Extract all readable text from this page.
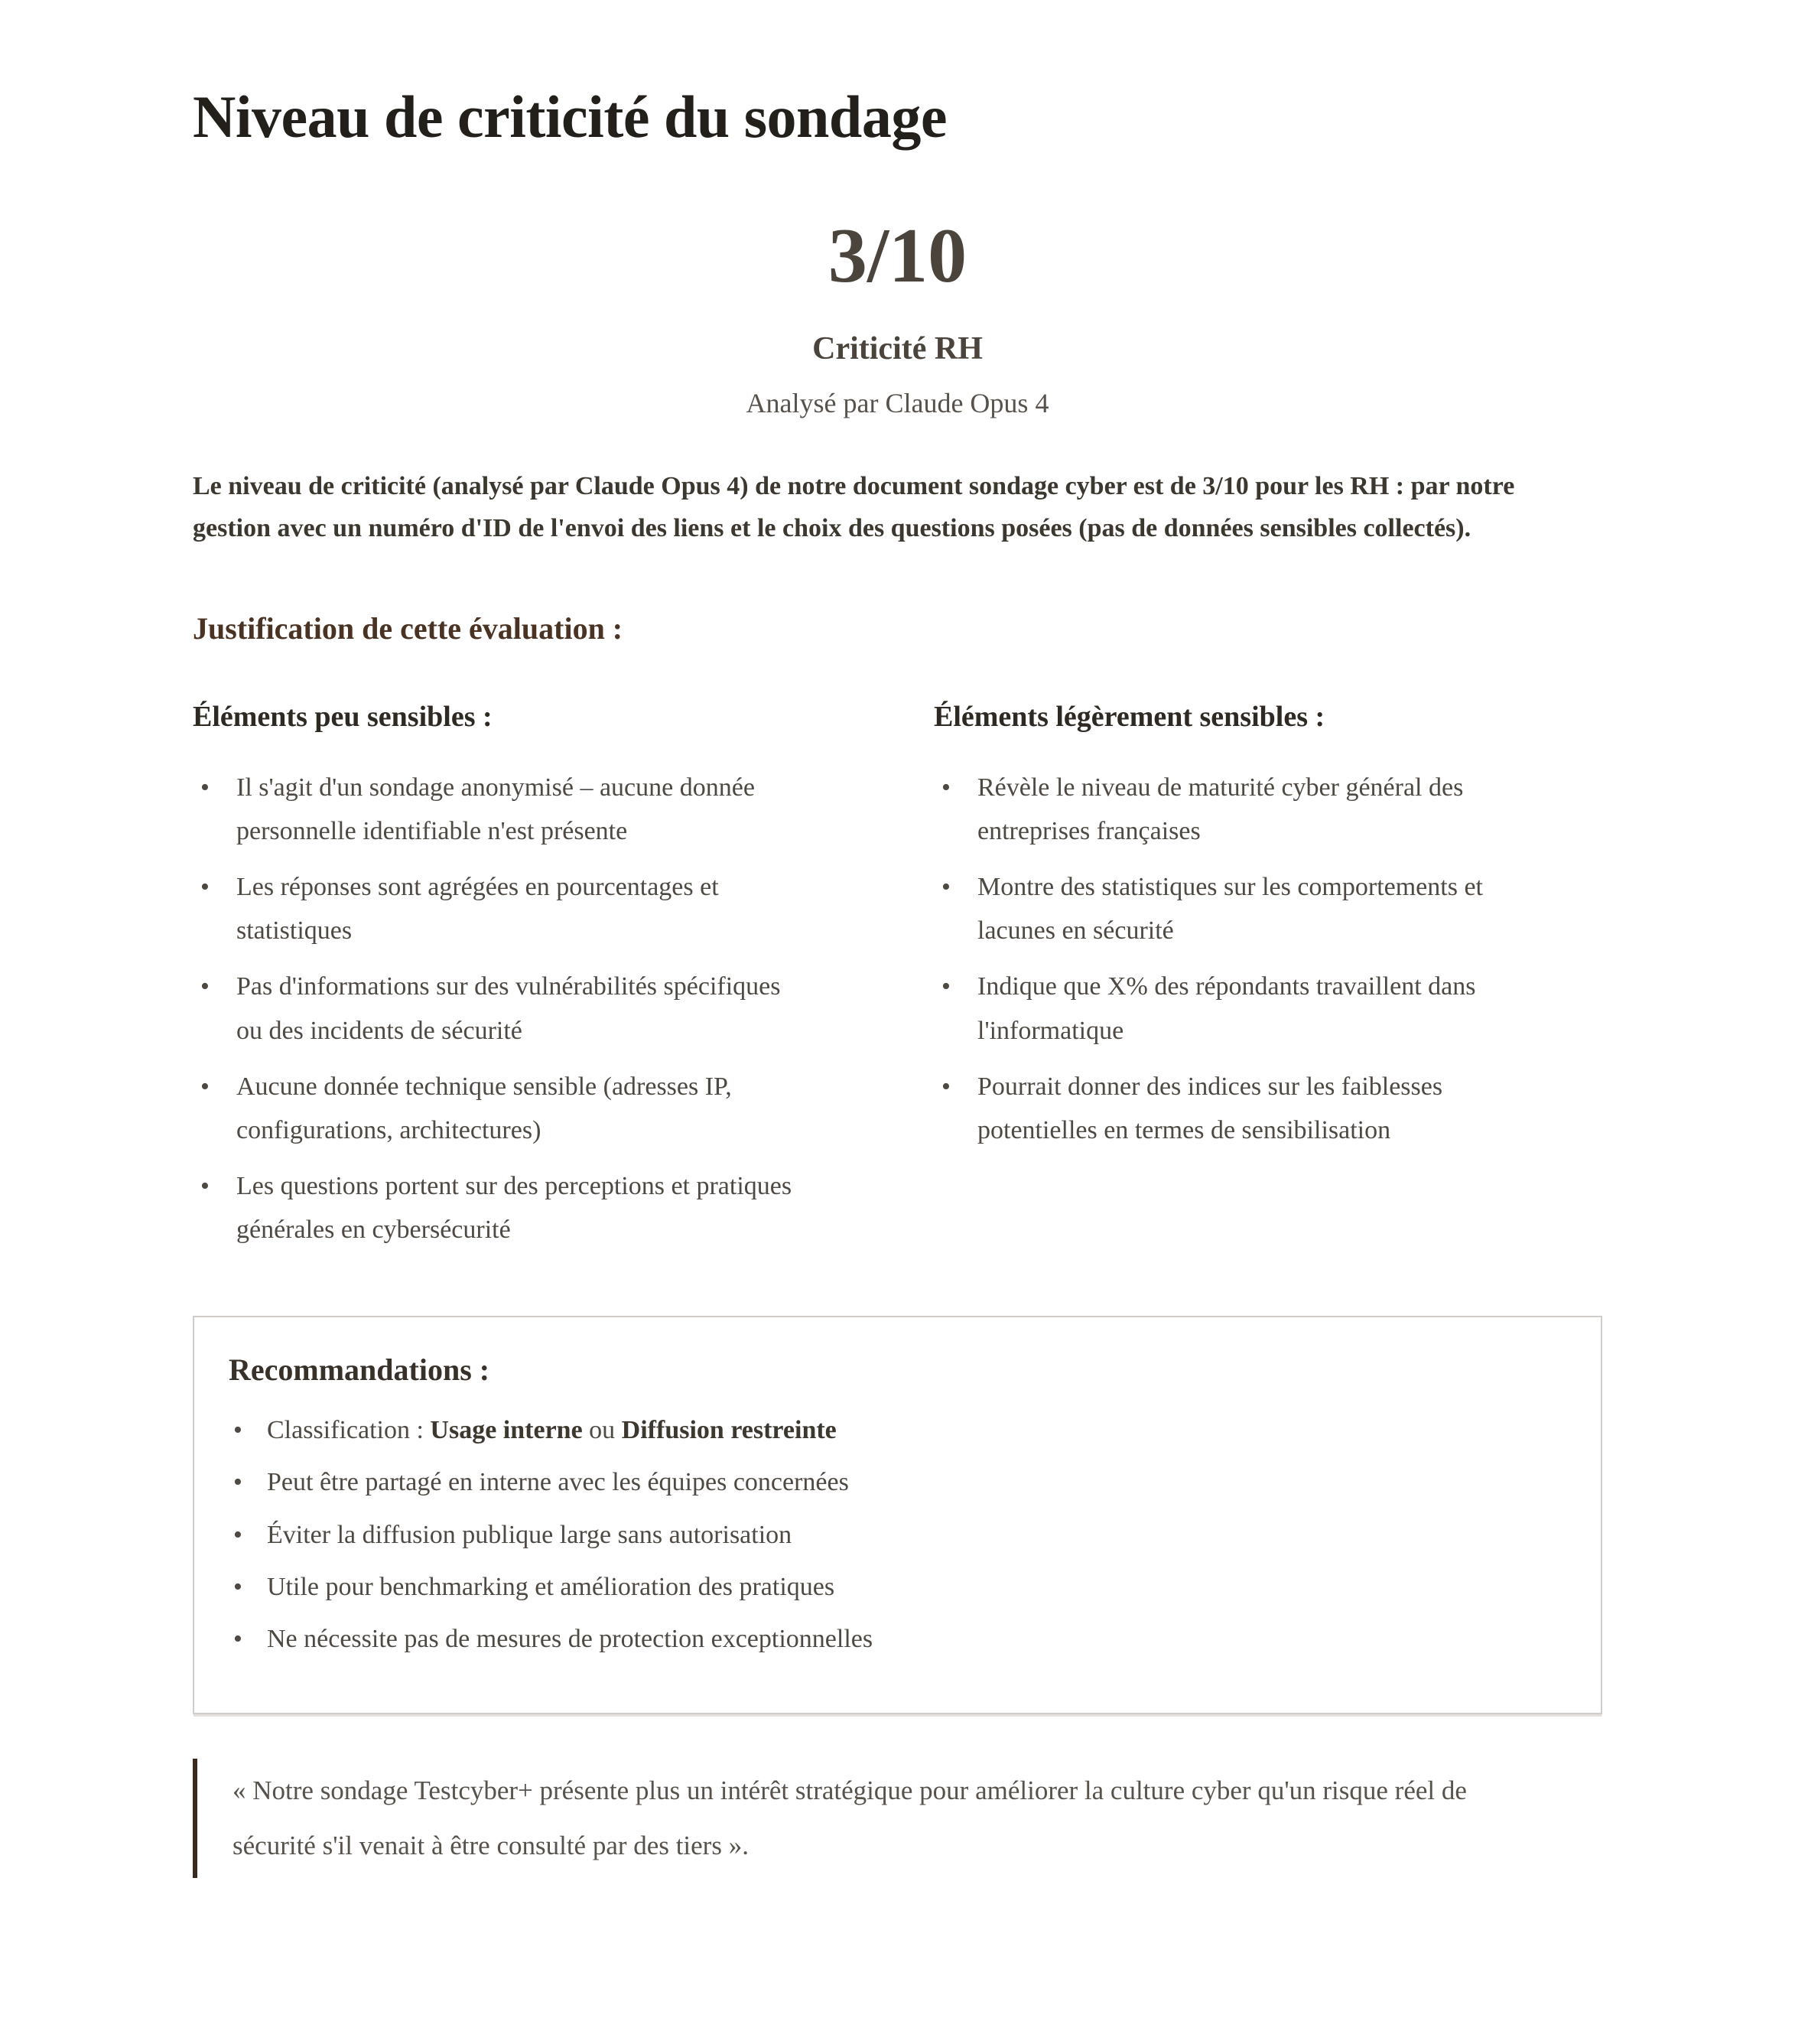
Niveau de criticité du sondage
3/10
Criticité RH
Analysé par Claude Opus 4

Le niveau de criticité (analysé par Claude Opus 4) de notre document sondage cyber est de 3/10 pour les RH : par notre gestion avec un numéro d'ID de l'envoi des liens et le choix des questions posées (pas de données sensibles collectés).

Justification de cette évaluation :
Éléments peu sensibles :
• Il s'agit d'un sondage anonymisé – aucune donnée personnelle identifiable n'est présente
• Les réponses sont agrégées en pourcentages et statistiques
• Pas d'informations sur des vulnérabilités spécifiques ou des incidents de sécurité
• Aucune donnée technique sensible (adresses IP, configurations, architectures)
• Les questions portent sur des perceptions et pratiques générales en cybersécurité
Éléments légèrement sensibles :
• Révèle le niveau de maturité cyber général des entreprises françaises
• Montre des statistiques sur les comportements et lacunes en sécurité
• Indique que X% des répondants travaillent dans l'informatique
• Pourrait donner des indices sur les faiblesses potentielles en termes de sensibilisation
Recommandations :
• Classification : Usage interne ou Diffusion restreinte
• Peut être partagé en interne avec les équipes concernées
• Éviter la diffusion publique large sans autorisation
• Utile pour benchmarking et amélioration des pratiques
• Ne nécessite pas de mesures de protection exceptionnelles

« Notre sondage Testcyber+ présente plus un intérêt stratégique pour améliorer la culture cyber qu'un risque réel de sécurité s'il venait à être consulté par des tiers ».
